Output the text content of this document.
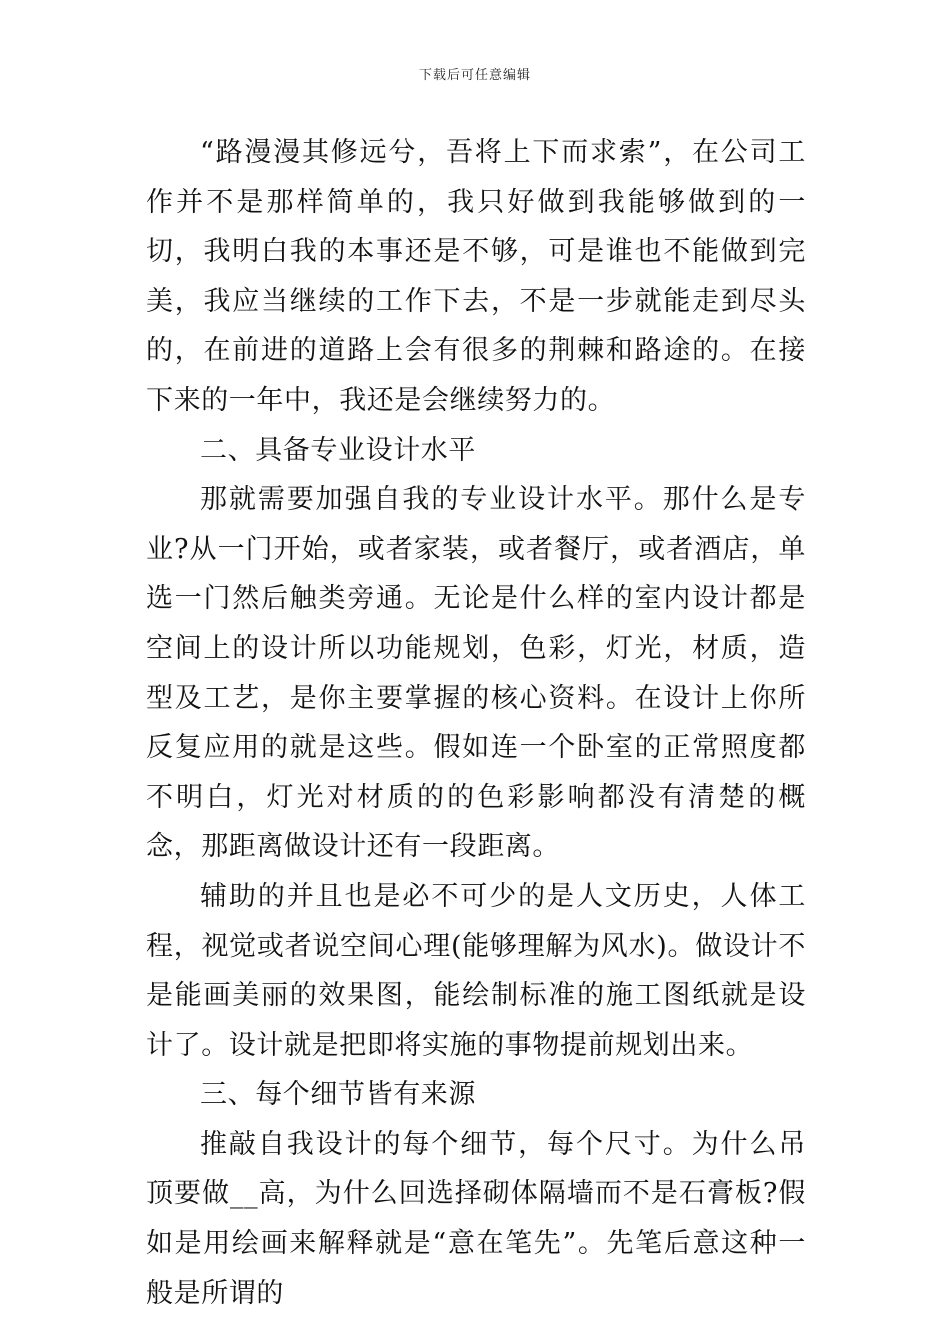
下载后可任意编辑

“路漫漫其修远兮，吾将上下而求索”，在公司工作并不是那样简单的，我只好做到我能够做到的一切，我明白我的本事还是不够，可是谁也不能做到完美，我应当继续的工作下去，不是一步就能走到尽头的，在前进的道路上会有很多的荆棘和路途的。在接下来的一年中，我还是会继续努力的。

二、具备专业设计水平

那就需要加强自我的专业设计水平。那什么是专业?从一门开始，或者家装，或者餐厅，或者酒店，单选一门然后触类旁通。无论是什么样的室内设计都是空间上的设计所以功能规划，色彩，灯光，材质，造型及工艺，是你主要掌握的核心资料。在设计上你所反复应用的就是这些。假如连一个卧室的正常照度都不明白，灯光对材质的的色彩影响都没有清楚的概念，那距离做设计还有一段距离。

辅助的并且也是必不可少的是人文历史，人体工程，视觉或者说空间心理(能够理解为风水)。做设计不是能画美丽的效果图，能绘制标准的施工图纸就是设计了。设计就是把即将实施的事物提前规划出来。

三、每个细节皆有来源

推敲自我设计的每个细节，每个尺寸。为什么吊顶要做__高，为什么回选择砌体隔墙而不是石膏板?假如是用绘画来解释就是“意在笔先”。先笔后意这种一般是所谓的
